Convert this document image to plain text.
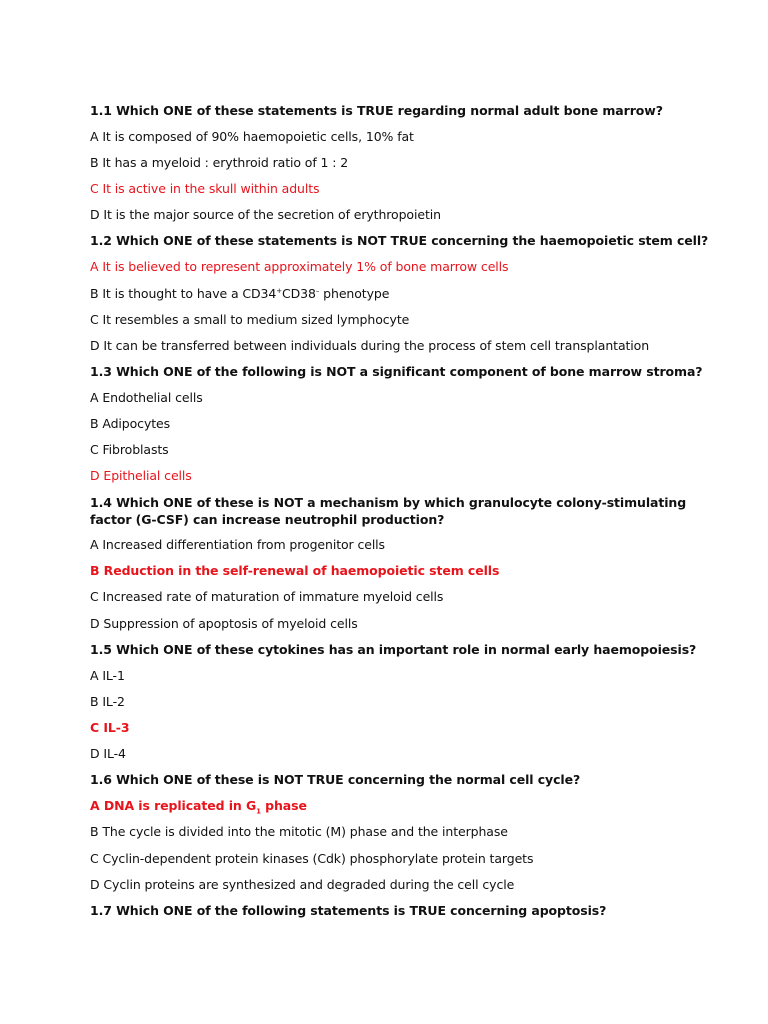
1.1 Which ONE of these statements is TRUE regarding normal adult bone marrow?
A It is composed of 90% haemopoietic cells, 10% fat
B It has a myeloid : erythroid ratio of 1 : 2
C It is active in the skull within adults
D It is the major source of the secretion of erythropoietin
1.2 Which ONE of these statements is NOT TRUE concerning the haemopoietic stem cell?
A It is believed to represent approximately 1% of bone marrow cells
B It is thought to have a CD34+CD38– phenotype
C It resembles a small to medium sized lymphocyte
D It can be transferred between individuals during the process of stem cell transplantation
1.3 Which ONE of the following is NOT a significant component of bone marrow stroma?
A Endothelial cells
B Adipocytes
C Fibroblasts
D Epithelial cells
1.4 Which ONE of these is NOT a mechanism by which granulocyte colony-stimulating factor (G-CSF) can increase neutrophil production?
A Increased differentiation from progenitor cells
B Reduction in the self-renewal of haemopoietic stem cells
C Increased rate of maturation of immature myeloid cells
D Suppression of apoptosis of myeloid cells
1.5 Which ONE of these cytokines has an important role in normal early haemopoiesis?
A IL-1
B IL-2
C IL-3
D IL-4
1.6 Which ONE of these is NOT TRUE concerning the normal cell cycle?
A DNA is replicated in $G_1$ phase
B The cycle is divided into the mitotic (M) phase and the interphase
C Cyclin-dependent protein kinases (Cdk) phosphorylate protein targets
D Cyclin proteins are synthesized and degraded during the cell cycle
1.7 Which ONE of the following statements is TRUE concerning apoptosis?
